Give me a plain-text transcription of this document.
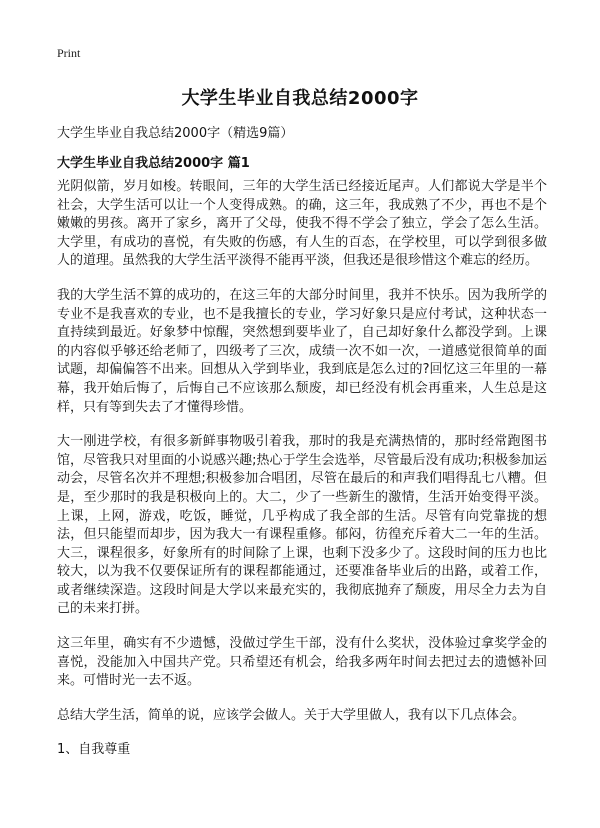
Print
大学生毕业自我总结2000字

大学生毕业自我总结2000字（精选9篇）

大学生毕业自我总结2000字 篇1

光阴似箭，岁月如梭。转眼间，三年的大学生活已经接近尾声。人们都说大学是半个社会，大学生活可以让一个人变得成熟。的确，这三年，我成熟了不少，再也不是个嫩嫩的男孩。离开了家乡，离开了父母，使我不得不学会了独立，学会了怎么生活。大学里，有成功的喜悦，有失败的伤感，有人生的百态，在学校里，可以学到很多做人的道理。虽然我的大学生活平淡得不能再平淡，但我还是很珍惜这个难忘的经历。

我的大学生活不算的成功的，在这三年的大部分时间里，我并不快乐。因为我所学的专业不是我喜欢的专业，也不是我擅长的专业，学习好象只是应付考试，这种状态一直持续到最近。好象梦中惊醒，突然想到要毕业了，自己却好象什么都没学到。上课的内容似乎够还给老师了，四级考了三次，成绩一次不如一次，一道感觉很简单的面试题，却偏偏答不出来。回想从入学到毕业，我到底是怎么过的?回忆这三年里的一幕幕，我开始后悔了，后悔自己不应该那么颓废，却已经没有机会再重来，人生总是这样，只有等到失去了才懂得珍惜。

大一刚进学校，有很多新鲜事物吸引着我，那时的我是充满热情的，那时经常跑图书馆，尽管我只对里面的小说感兴趣;热心于学生会选举，尽管最后没有成功;积极参加运动会，尽管名次并不理想;积极参加合唱团，尽管在最后的和声我们唱得乱七八糟。但是，至少那时的我是积极向上的。大二，少了一些新生的激情，生活开始变得平淡。上课，上网，游戏，吃饭，睡觉，几乎构成了我全部的生活。尽管有向党靠拢的想法，但只能望而却步，因为我大一有课程重修。郁闷，彷徨充斥着大二一年的生活。大三，课程很多，好象所有的时间除了上课，也剩下没多少了。这段时间的压力也比较大，以为我不仅要保证所有的课程都能通过，还要准备毕业后的出路，或着工作，或者继续深造。这段时间是大学以来最充实的，我彻底抛弃了颓废，用尽全力去为自己的未来打拼。

这三年里，确实有不少遗憾，没做过学生干部，没有什么奖状，没体验过拿奖学金的喜悦，没能加入中国共产党。只希望还有机会，给我多两年时间去把过去的遗憾补回来。可惜时光一去不返。

总结大学生活，简单的说，应该学会做人。关于大学里做人，我有以下几点体会。

1、自我尊重
